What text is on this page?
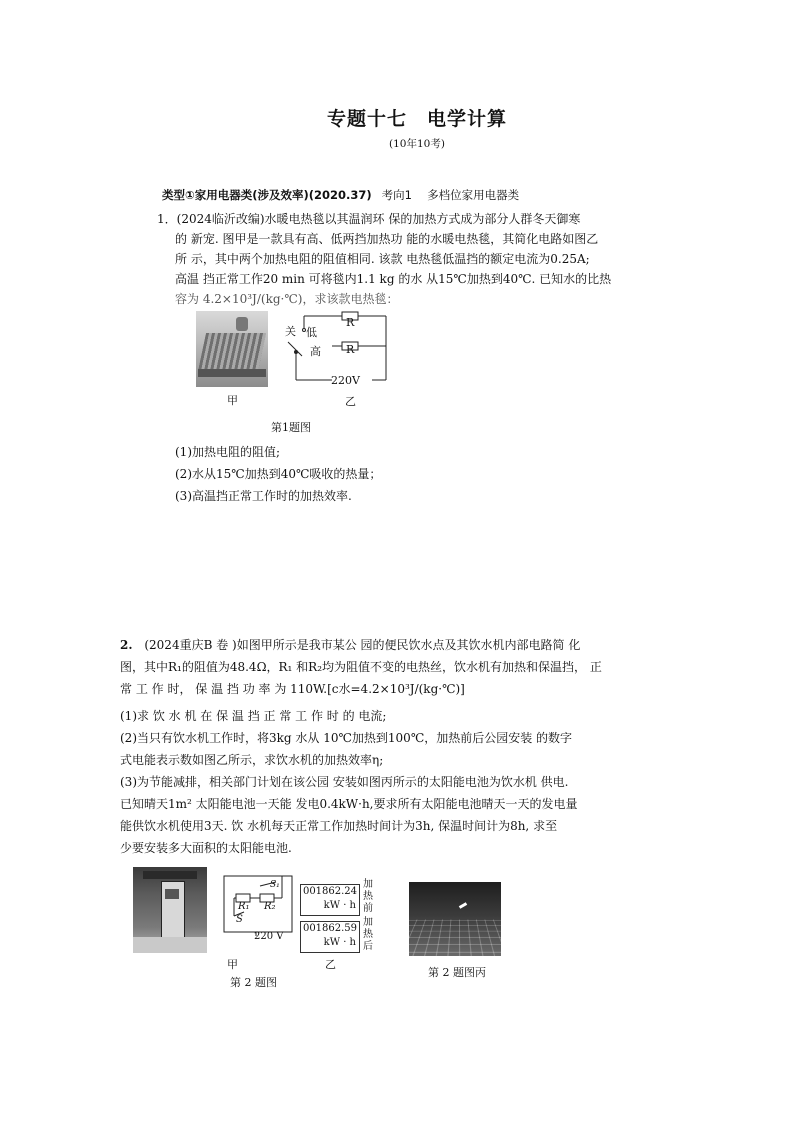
专题十七　电学计算
(10年10考)
类型①家用电器类(涉及效率)(2020.37) 考向1　 多档位家用电器类
1．(2024临沂改编)水暖电热毯以其温润环 保的加热方式成为部分人群冬天御寒
的 新宠. 图甲是一款具有高、低两挡加热功 能的水暖电热毯，其简化电路如图乙
所 示，其中两个加热电阻的阻值相同. 该款 电热毯低温挡的额定电流为0.25A;
高温 挡正常工作20 min 可将毯内1.1 kg 的水 从15℃加热到40℃. 已知水的比热
容为 4.2×10³J/(kg·℃)，求该款电热毯：
甲
关 低
高
R
R
220V
乙
第1题图
(1)加热电阻的阻值;
(2)水从15℃加热到40℃吸收的热量；
(3)高温挡正常工作时的加热效率.
2. (2024重庆B 卷 )如图甲所示是我市某公 园的便民饮水点及其饮水机内部电路简 化
图，其中R₁的阻值为48.4Ω，R₁ 和R₂均为阻值不变的电热丝，饮水机有加热和保温挡， 正
常 工 作 时， 保 温 挡 功 率 为 110W.[c水=4.2×10³J/(kg·℃)]
(1)求 饮 水 机 在 保 温 挡 正 常 工 作 时 的 电流;
(2)当只有饮水机工作时，将3kg 水从 10℃加热到100℃，加热前后公园安装 的数字
式电能表示数如图乙所示，求饮水机的加热效率η;
(3)为节能减排，相关部门计划在该公园 安装如图丙所示的太阳能电池为饮水机 供电.
已知晴天1m² 太阳能电池一天能 发电0.4kW·h,要求所有太阳能电池晴天一天的发电量
能供饮水机使用3天. 饮 水机每天正常工作加热时间计为3h, 保温时间计为8h, 求至
少要安装多大面积的太阳能电池.
S₁
R₁ R₂
S
220 V
甲
001862.24
kW · h
加热前
001862.59
kW · h
加热后
乙
第 2 题图
第 2 题图丙
